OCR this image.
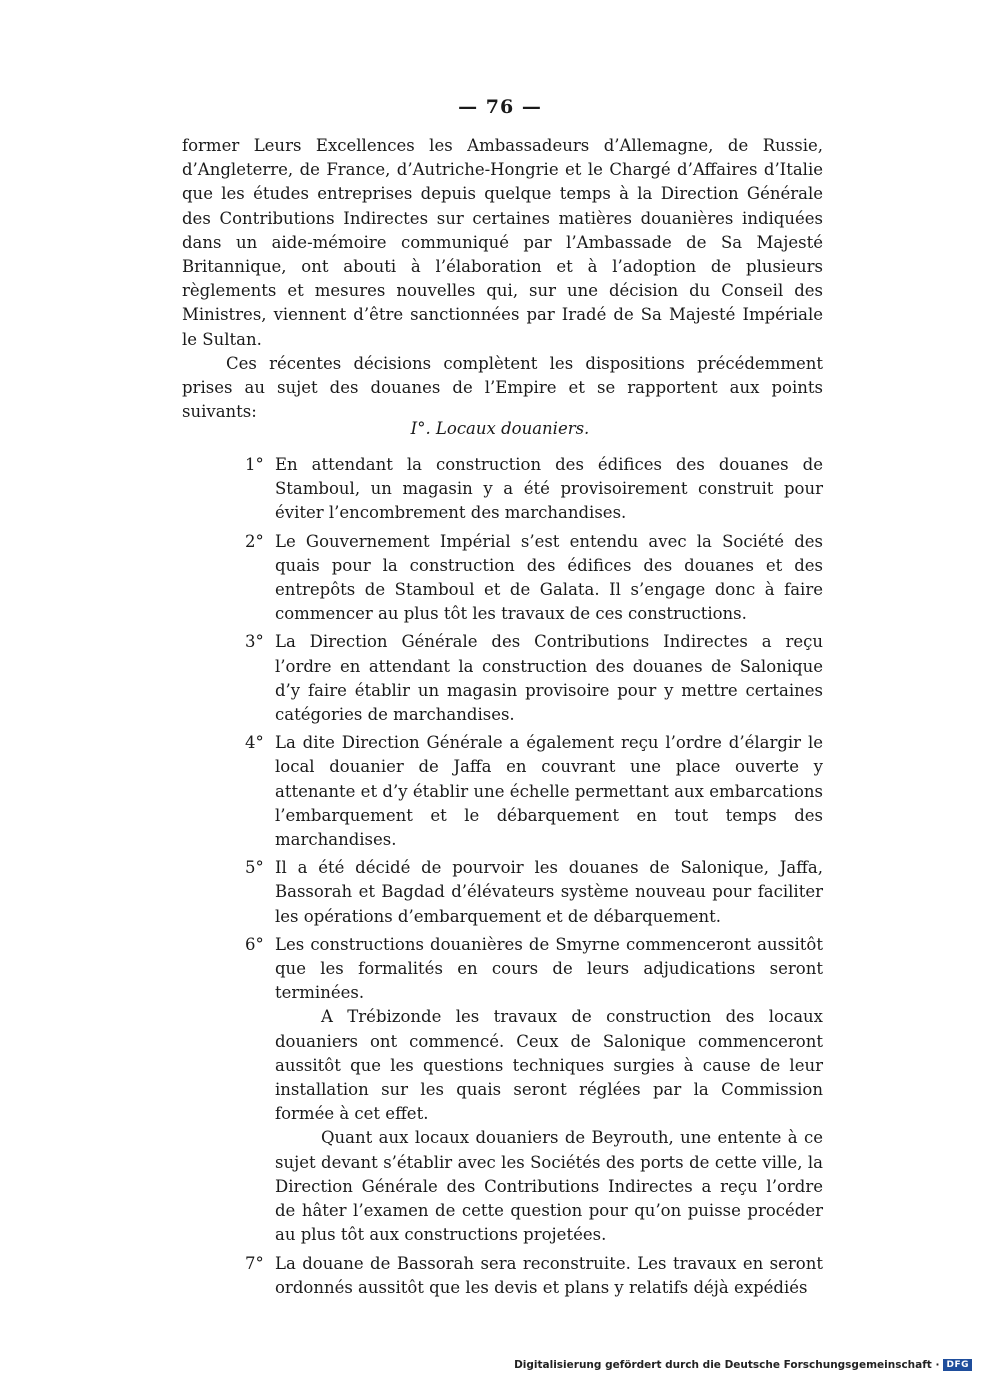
— 76 —

former Leurs Excellences les Ambassadeurs d’Allemagne, de Russie, d’Angleterre, de France, d’Autriche-Hongrie et le Chargé d’Affaires d’Italie que les études entreprises depuis quelque temps à la Direction Générale des Contributions Indirectes sur certaines matières douanières indiquées dans un aide-mémoire communiqué par l’Ambassade de Sa Majesté Britannique, ont abouti à l’élaboration et à l’adoption de plusieurs règlements et mesures nouvelles qui, sur une décision du Conseil des Ministres, viennent d’être sanctionnées par Iradé de Sa Majesté Impériale le Sultan.

Ces récentes décisions complètent les dispositions précédemment prises au sujet des douanes de l’Empire et se rapportent aux points suivants:

I°. Locaux douaniers.
1° En attendant la construction des édifices des douanes de Stamboul, un magasin y a été provisoirement construit pour éviter l’encombrement des marchandises.

2° Le Gouvernement Impérial s’est entendu avec la Société des quais pour la construction des édifices des douanes et des entrepôts de Stamboul et de Galata. Il s’engage donc à faire commencer au plus tôt les travaux de ces constructions.

3° La Direction Générale des Contributions Indirectes a reçu l’ordre en attendant la construction des douanes de Salonique d’y faire établir un magasin provisoire pour y mettre certaines catégories de marchandises.

4° La dite Direction Générale a également reçu l’ordre d’élargir le local douanier de Jaffa en couvrant une place ouverte y attenante et d’y établir une échelle permettant aux embarcations l’embarquement et le débarquement en tout temps des marchandises.

5° Il a été décidé de pourvoir les douanes de Salonique, Jaffa, Bassorah et Bagdad d’élévateurs système nouveau pour faciliter les opérations d’embarquement et de débarquement.

6° Les constructions douanières de Smyrne commenceront aussitôt que les formalités en cours de leurs adjudications seront terminées.

A Trébizonde les travaux de construction des locaux douaniers ont commencé. Ceux de Salonique commenceront aussitôt que les questions techniques surgies à cause de leur installation sur les quais seront réglées par la Commission formée à cet effet.

Quant aux locaux douaniers de Beyrouth, une entente à ce sujet devant s’établir avec les Sociétés des ports de cette ville, la Direction Générale des Contributions Indirectes a reçu l’ordre de hâter l’examen de cette question pour qu’on puisse procéder au plus tôt aux constructions projetées.

7° La douane de Bassorah sera reconstruite. Les travaux en seront ordonnés aussitôt que les devis et plans y relatifs déjà expédiés

Digitalisierung gefördert durch die Deutsche Forschungsgemeinschaft · DFG
